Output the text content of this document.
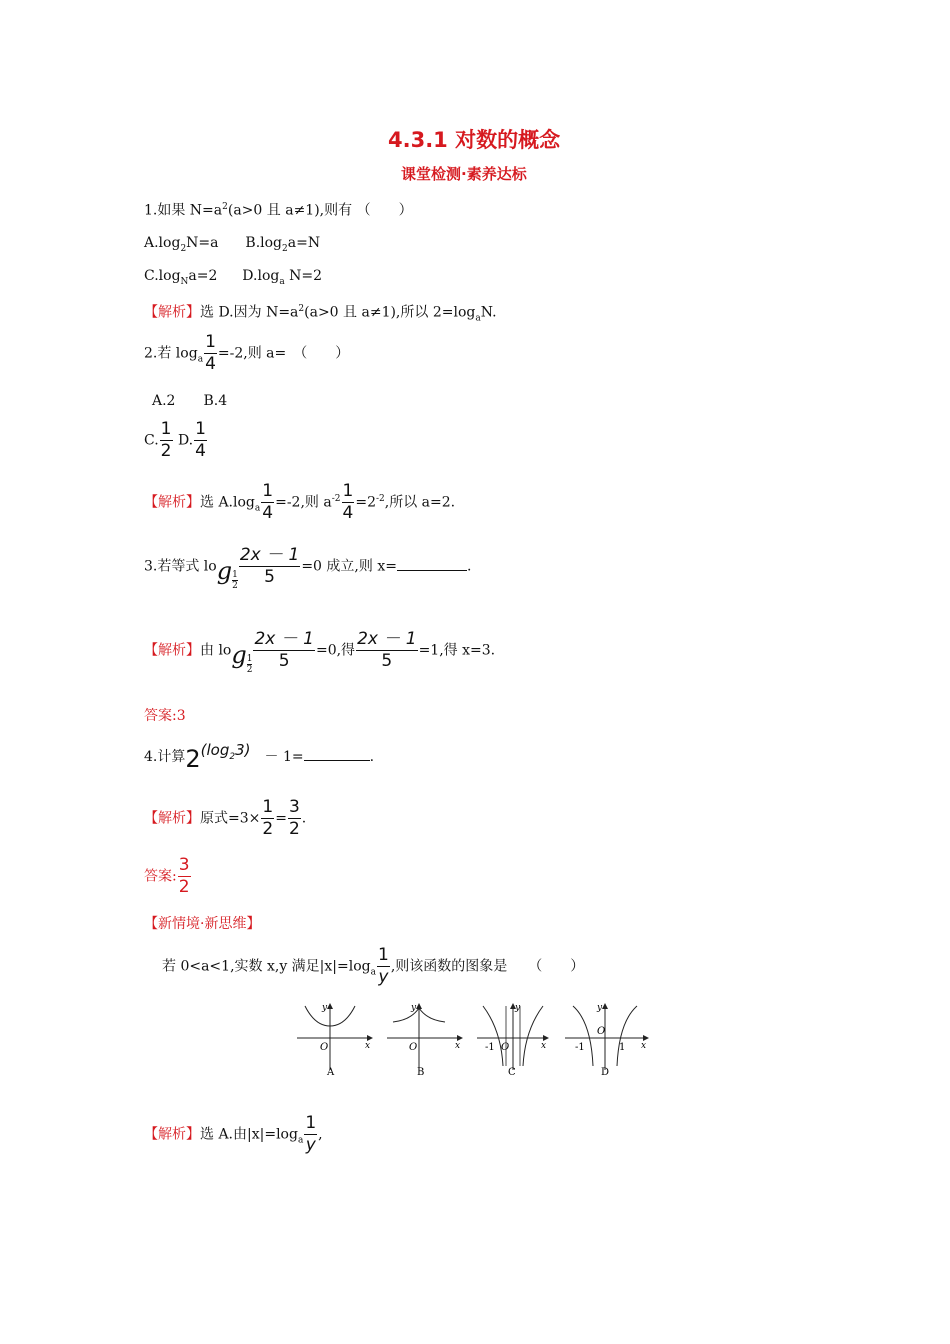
4.3.1 对数的概念
课堂检测·素养达标
1.如果 $N=a^2(a>0$ 且 a≠1),则有 （　　）
$A.\log_2N=a$ $B.\log_2a=N$
$C.\log_Na=2$ $D.\log_a$ N=2
【解析】选 D.因为 $N=a^2(a>0$ 且 a≠1),所以 $2=\log_aN$.
2.若 $\log_a \frac{1}{4} =-2$,则 a=　（　　）
A.2　　B.4
C. $\frac{1}{2} D$. $\frac{1}{4}$
【解析】选 $A.\log_a \frac{1}{4} =-2$,则 $a^{-2} \frac{1}{4} =2^{-2}$,所以 a=2.
3.若等式 $\log \frac{1}{2} \frac{2x - 1}{5} =0$ 成立,则 x=	.
【解析】由 $\log \frac{1}{2} \frac{2x - 1}{5} =0$,得 $\frac{2x - 1}{5} =1$,得 x=3.
答案:3
4.计算$2(\log_23)$　－ 1=	.
【解析】原式$=3\times \frac{1}{2} = \frac{3}{2}$ .
答案: $\frac{3}{2}$
【新情境·新思维】
若 0<a<1,实数 x,y 满足$|x|=\log_a \frac{1}{y}$ ,则该函数的图象是　　（　　）
O	x
y
A
O	x
y
B
-1 O	x
y
C
-1
O
1 x
y
D
【解析】选 A.由$|x|=\log_a \frac{1}{y}$ ,
